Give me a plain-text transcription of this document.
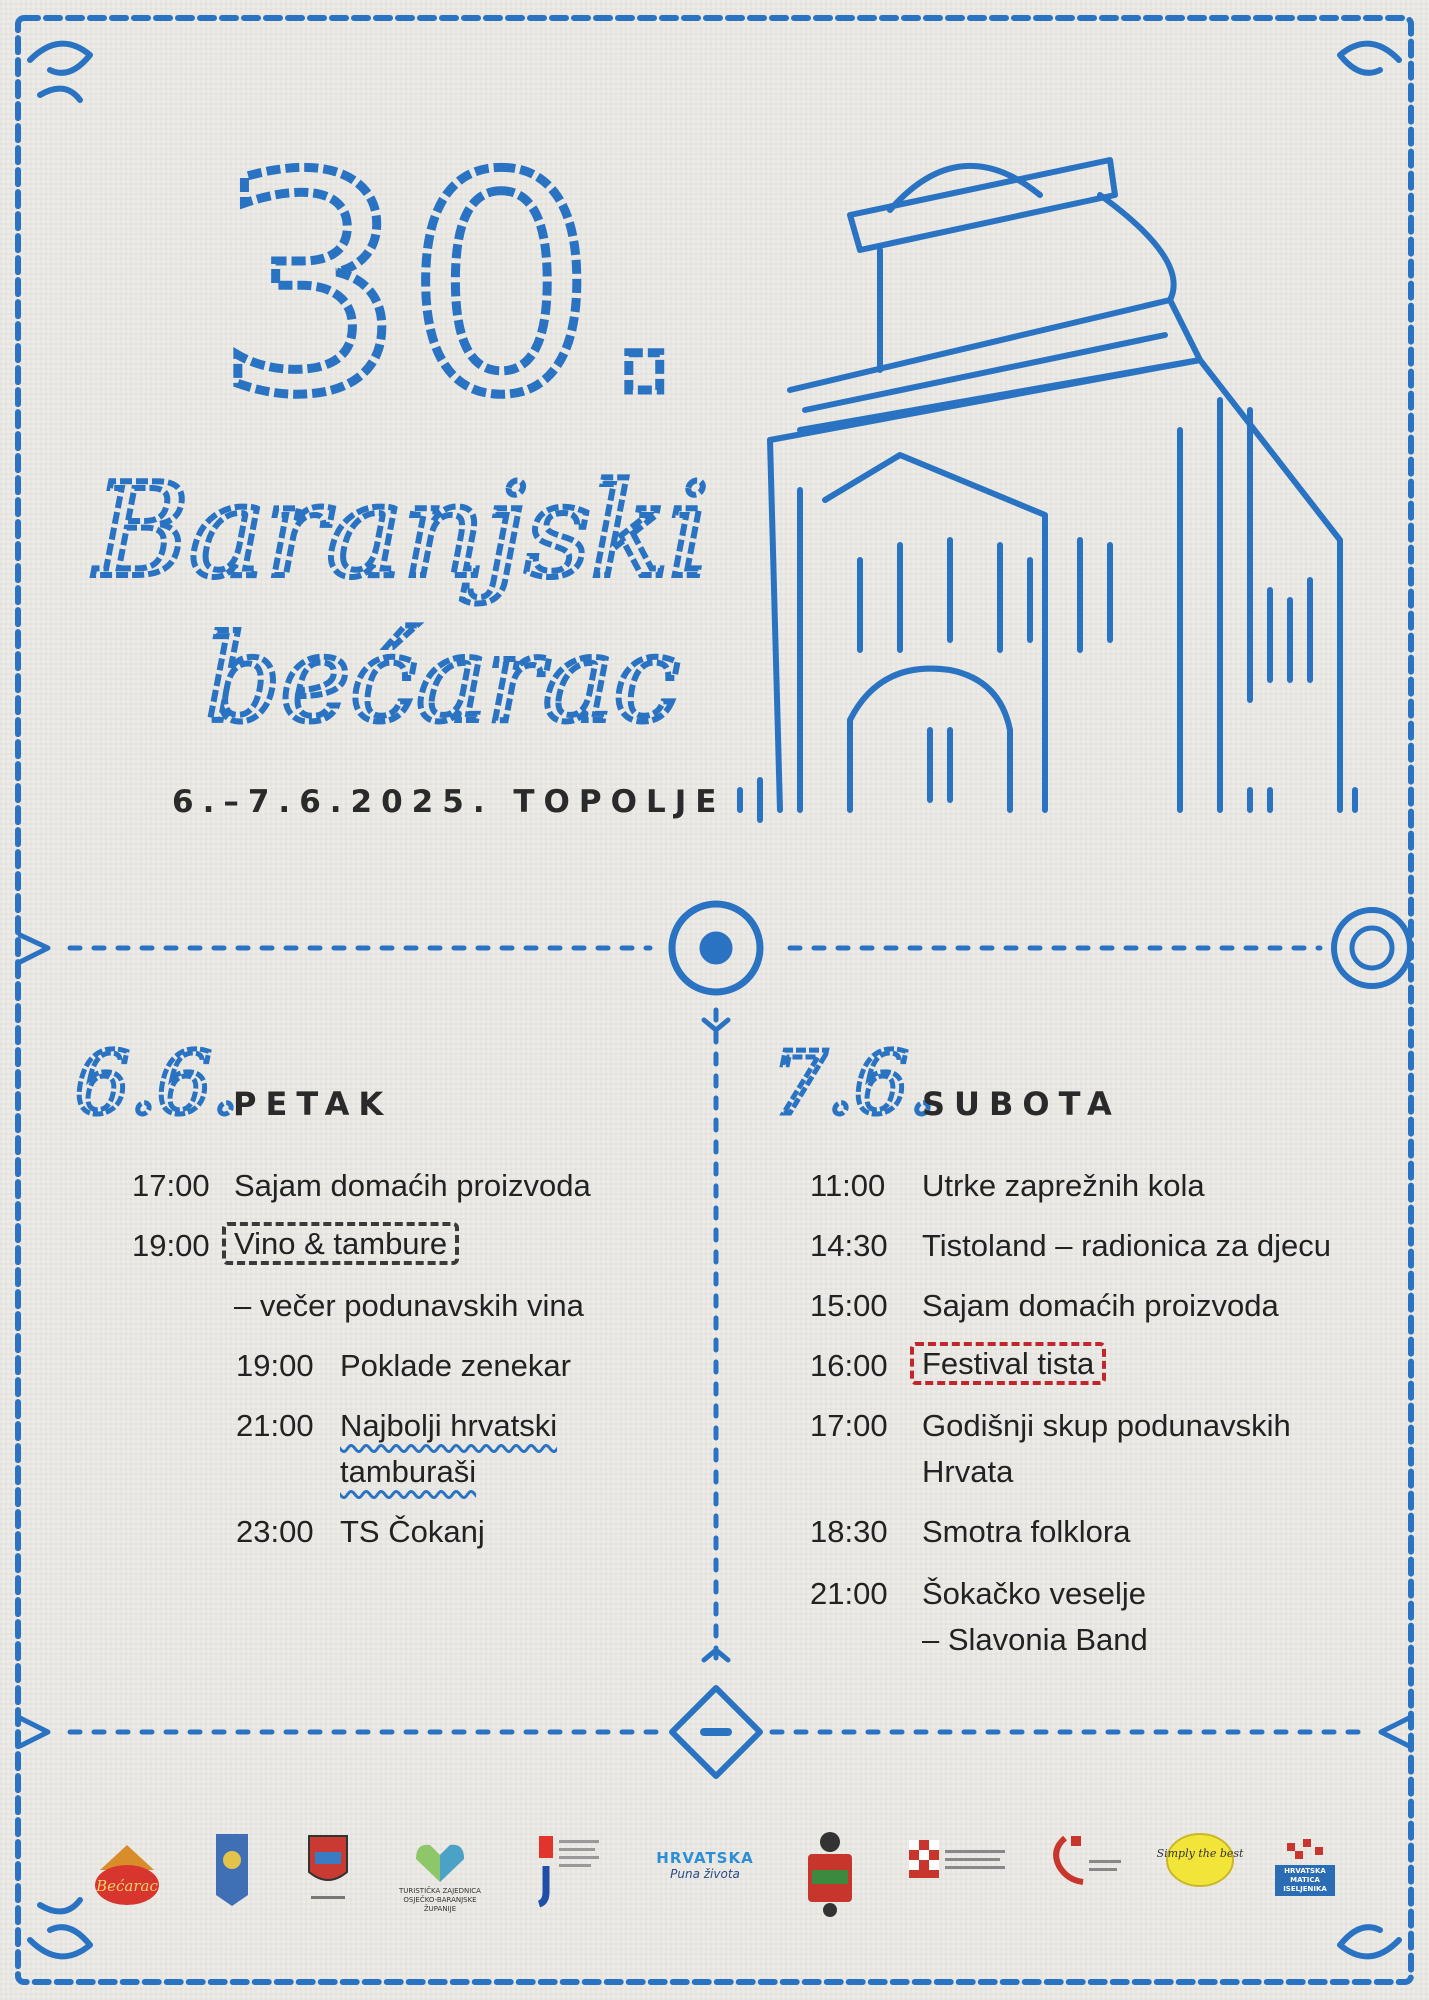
30.
Baranjski
bećarac
6.–7.6.2025. TOPOLJE
6.6.
PETAK
17:00 Sajam domaćih proizvoda
19:00 Vino & tambure
– večer podunavskih vina
19:00 Poklade zenekar
21:00 Najbolji hrvatski
tamburaši
23:00 TS Čokanj
7.6.
SUBOTA
11:00 Utrke zaprežnih kola
14:30 Tistoland – radionica za djecu
15:00 Sajam domaćih proizvoda
16:00 Festival tista
17:00 Godišnji skup podunavskih
Hrvata
18:30 Smotra folklora
21:00 Šokačko veselje
– Slavonia Band
Bećarac	TURISTIČKA ZAJEDNICA OSJEČKO-BARANJSKE ŽUPANIJE
HRVATSKA
Puna života
Simply the best
HRVATSKA MATICA ISELJENIKA
